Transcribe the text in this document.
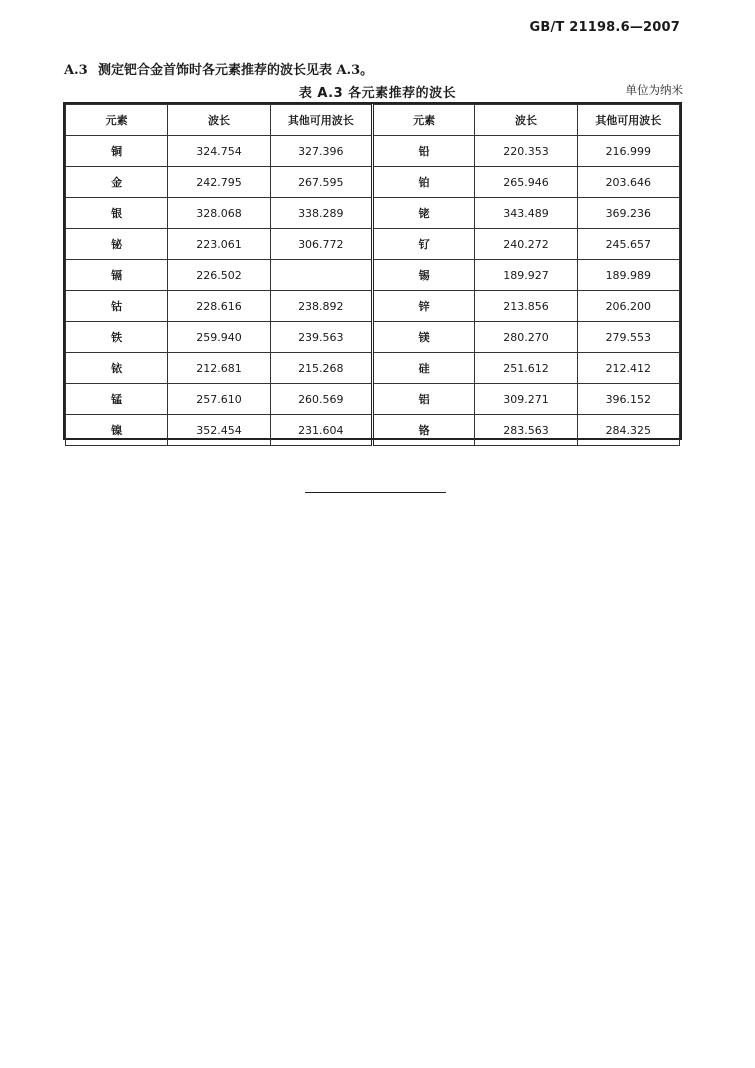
GB/T 21198.6—2007
A.3 测定钯合金首饰时各元素推荐的波长见表 A.3。
表 A.3 各元素推荐的波长	单位为纳米
元素	波长	其他可用波长	元素	波长	其他可用波长
铜	324.754	327.396	铅	220.353	216.999
金	242.795	267.595	铂	265.946	203.646
银	328.068	338.289	铑	343.489	369.236
铋	223.061	306.772	钌	240.272	245.657
镉	226.502		锡	189.927	189.989
钴	228.616	238.892	锌	213.856	206.200
铁	259.940	239.563	镁	280.270	279.553
铱	212.681	215.268	硅	251.612	212.412
锰	257.610	260.569	铝	309.271	396.152
镍	352.454	231.604	铬	283.563	284.325
